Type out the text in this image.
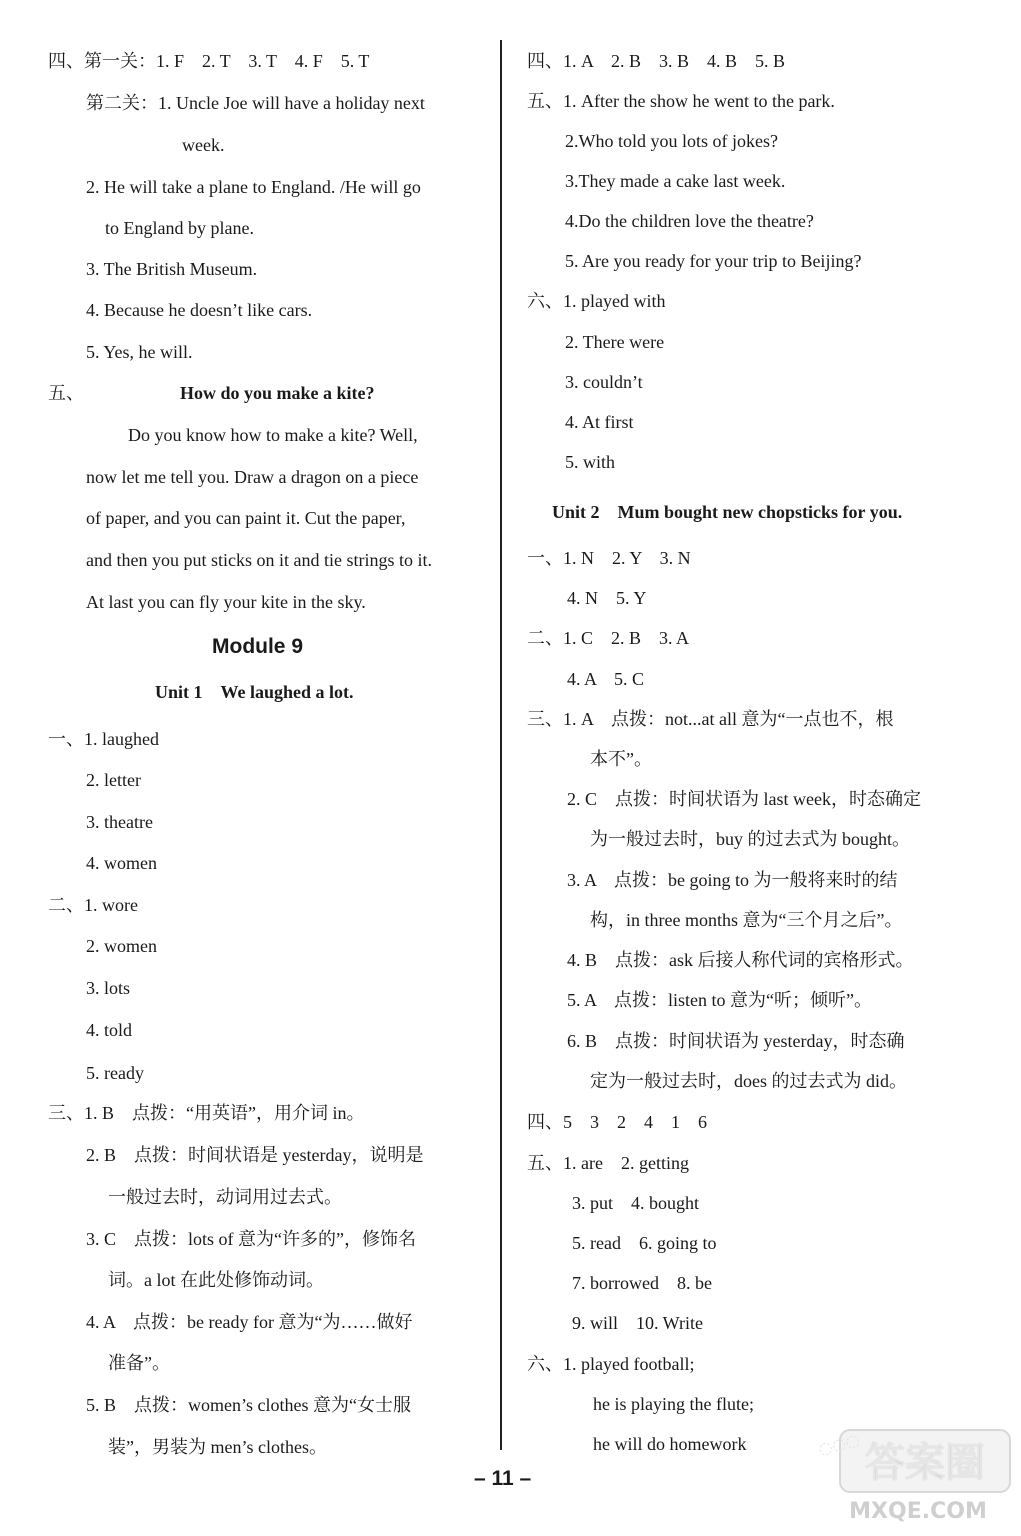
四、第一关：1. F　2. T　3. T　4. F　5. T
第二关：1. Uncle Joe will have a holiday next
week.
2. He will take a plane to England. /He will go
to England by plane.
3. The British Museum.
4. Because he doesn’t like cars.
5. Yes, he will.
五、	How do you make a kite?
Do you know how to make a kite? Well,
now let me tell you. Draw a dragon on a piece
of paper, and you can paint it. Cut the paper,
and then you put sticks on it and tie strings to it.
At last you can fly your kite in the sky.
Module 9
Unit 1　We laughed a lot.
一、1. laughed
2. letter
3. theatre
4. women
二、1. wore
2. women
3. lots
4. told
5. ready
三、1. B　点拨：“用英语”，用介词 in。
2. B　点拨：时间状语是 yesterday，说明是
一般过去时，动词用过去式。
3. C　点拨：lots of 意为“许多的”，修饰名
词。a lot 在此处修饰动词。
4. A　点拨：be ready for 意为“为……做好
准备”。
5. B　点拨：women’s clothes 意为“女士服
装”，男装为 men’s clothes。
四、1. A　2. B　3. B　4. B　5. B
五、1. After the show he went to the park.
2.Who told you lots of jokes?
3.They made a cake last week.
4.Do the children love the theatre?
5. Are you ready for your trip to Beijing?
六、1. played with
2. There were
3. couldn’t
4. At first
5. with
Unit 2　Mum bought new chopsticks for you.
一、1. N　2. Y　3. N
4. N　5. Y
二、1. C　2. B　3. A
4. A　5. C
三、1. A　点拨：not...at all 意为“一点也不，根
本不”。
2. C　点拨：时间状语为 last week，时态确定
为一般过去时，buy 的过去式为 bought。
3. A　点拨：be going to 为一般将来时的结
构，in three months 意为“三个月之后”。
4. B　点拨：ask 后接人称代词的宾格形式。
5. A　点拨：listen to 意为“听；倾听”。
6. B　点拨：时间状语为 yesterday，时态确
定为一般过去时，does 的过去式为 did。
四、5　3　2　4　1　6
五、1. are　2. getting
3. put　4. bought
5. read　6. going to
7. borrowed　8. be
9. will　10. Write
六、1. played football;
he is playing the flute;
he will do homework
– 11 –	答案圈
MXQE.COM
◌◌◌
